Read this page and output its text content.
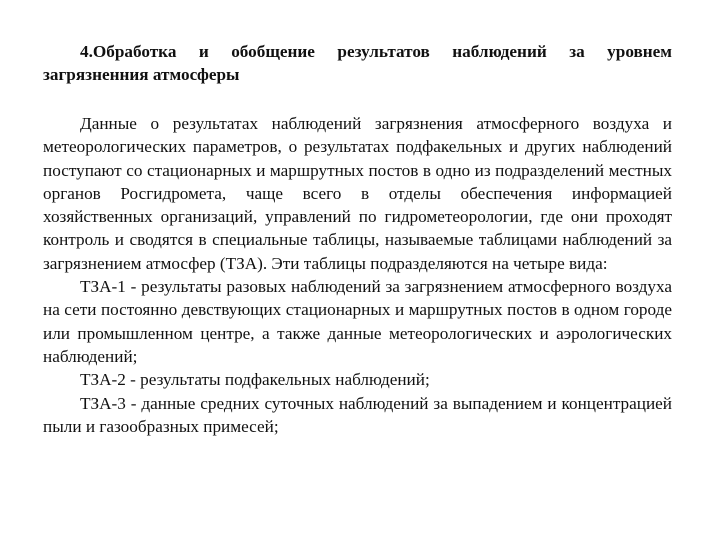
4.Обработка и обобщение результатов наблюдений за уровнем загрязненния атмосферы

Данные о результатах наблюдений загрязнения атмосферного воздуха и метеорологических параметров, о результатах подфакельных и других наблюдений поступают со стационарных и маршрутных постов в одно из подразделений местных органов Росгидромета, чаще всего в отделы обеспечения информацией хозяйственных организаций, управлений по гидрометеорологии, где они проходят контроль и сводятся в специальные таблицы, называемые таблицами наблюдений за загрязнением атмосфер (ТЗА). Эти таблицы подразделяются на четыре вида:

ТЗА-1 - результаты разовых наблюдений за загрязнением атмосферного воздуха на сети постоянно девствующих стационарных и маршрутных постов в одном городе или промышленном центре, а также данные метеорологических и аэрологических наблюдений;

ТЗА-2 - результаты подфакельных наблюдений;

ТЗА-3 - данные средних суточных наблюдений за выпадением и концентрацией пыли и газообразных примесей;
